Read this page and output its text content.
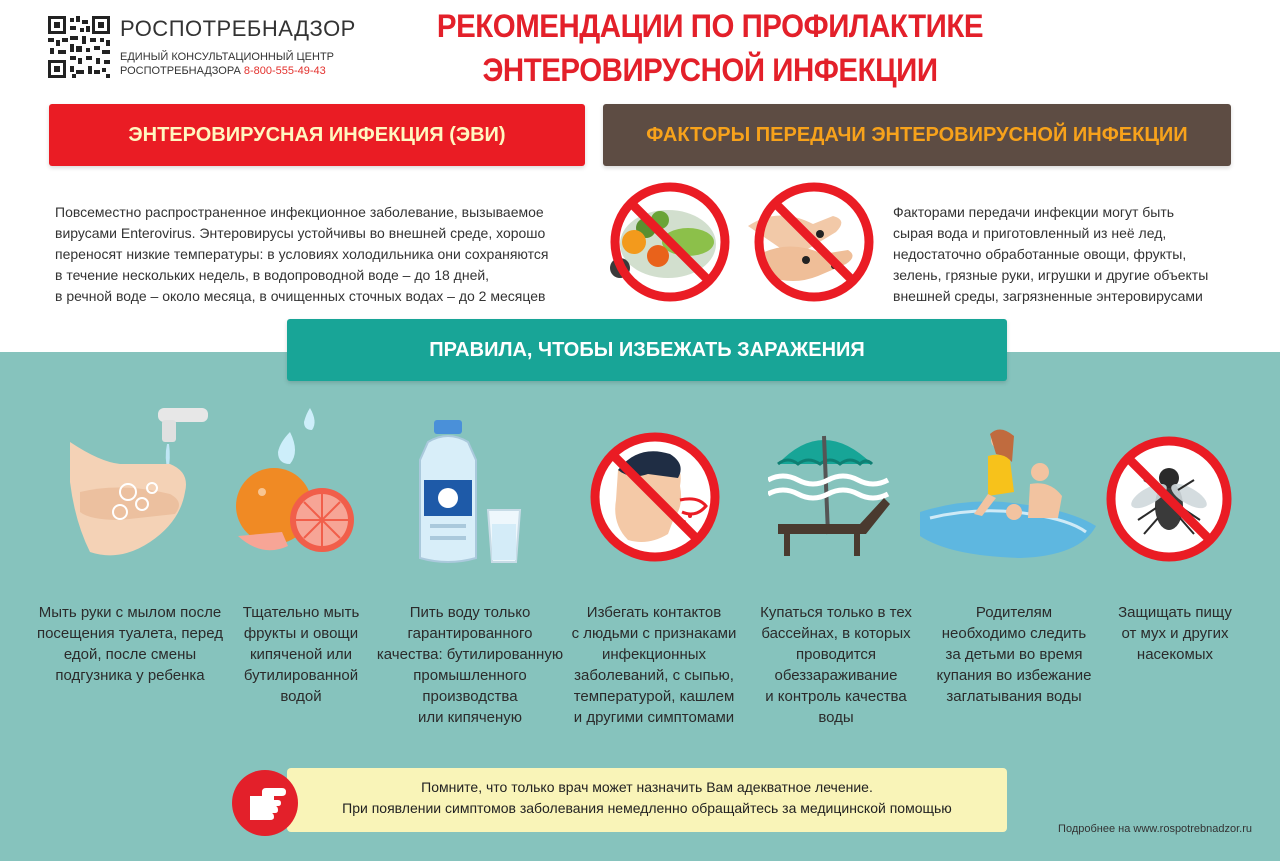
РОСПОТРЕБНАДЗОР
ЕДИНЫЙ КОНСУЛЬТАЦИОННЫЙ ЦЕНТР
РОСПОТРЕБНАДЗОРА 8-800-555-49-43
РЕКОМЕНДАЦИИ ПО ПРОФИЛАКТИКЕ
ЭНТЕРОВИРУСНОЙ ИНФЕКЦИИ
ЭНТЕРОВИРУСНАЯ ИНФЕКЦИЯ (ЭВИ)	ФАКТОРЫ ПЕРЕДАЧИ ЭНТЕРОВИРУСНОЙ ИНФЕКЦИИ
Повсеместно распространенное инфекционное заболевание, вызываемое
вирусами Enterovirus. Энтеровирусы устойчивы во внешней среде, хорошо
переносят низкие температуры: в условиях холодильника они сохраняются
в течение нескольких недель, в водопроводной воде – до 18 дней,
в речной воде – около месяца, в очищенных сточных водах – до 2 месяцев
Факторами передачи инфекции могут быть
сырая вода и приготовленный из неё лед,
недостаточно обработанные овощи, фрукты,
зелень, грязные руки, игрушки и другие объекты
внешней среды, загрязненные энтеровирусами
ПРАВИЛА, ЧТОБЫ ИЗБЕЖАТЬ ЗАРАЖЕНИЯ
Мыть руки с мылом после
посещения туалета, перед
едой, после смены
подгузника у ребенка
Тщательно мыть
фрукты и овощи
кипяченой или
бутилированной
водой
Пить воду только
гарантированного
качества: бутилированную
промышленного
производства
или кипяченую
Избегать контактов
с людьми с признаками
инфекционных
заболеваний, с сыпью,
температурой, кашлем
и другими симптомами
Купаться только в тех
бассейнах, в которых
проводится
обеззараживание
и контроль качества
воды
Родителям
необходимо следить
за детьми во время
купания во избежание
заглатывания воды
Защищать пищу
от мух и других
насекомых
Помните, что только врач может назначить Вам адекватное лечение.
При появлении симптомов заболевания немедленно обращайтесь за медицинской помощью
Подробнее на www.rospotrebnadzor.ru
